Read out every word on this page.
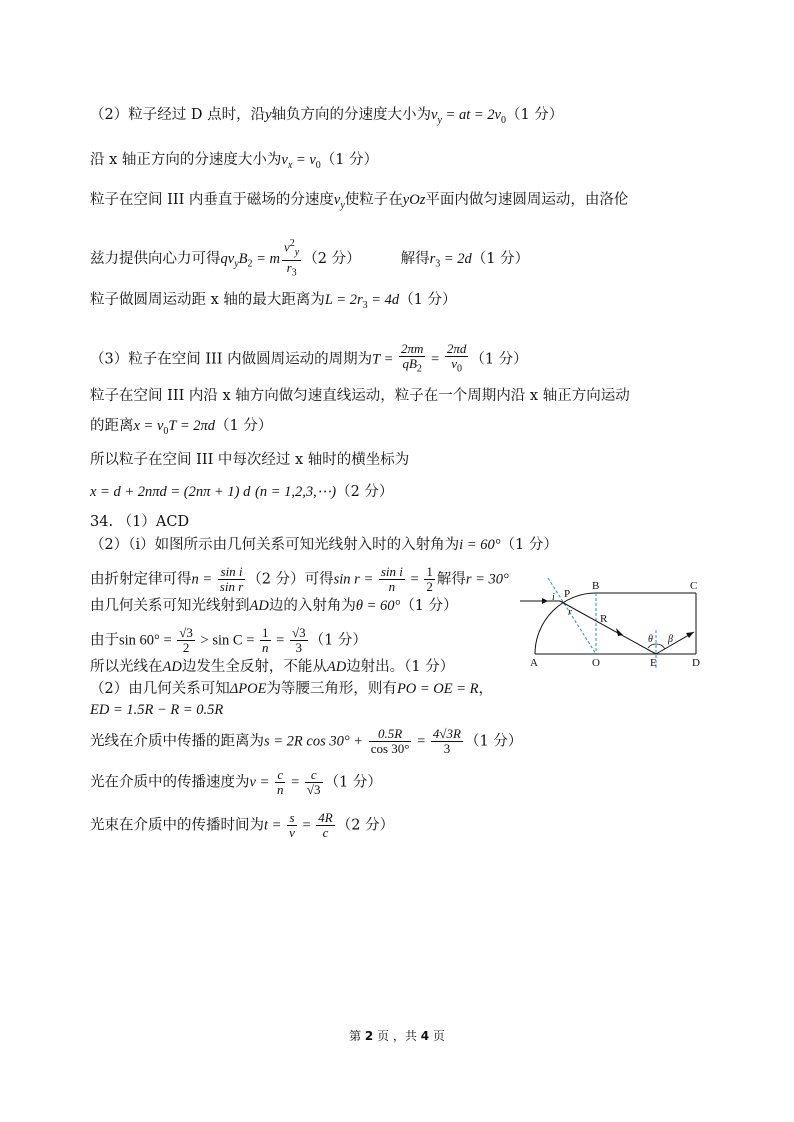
（2）粒子经过 D 点时，沿y轴负方向的分速度大小为$v_y$ = at = $2v_0(1$ 分）
沿 x 轴正方向的分速度大小为$v_x = v_0(1$ 分）
粒子在空间 III 内垂直于磁场的分速度$v_y$使粒子在yOz平面内做匀速圆周运动，由洛伦
兹力提供向心力可得$qv_yB_2 = m \frac{v^2_y}{r_3} (2$ 分）	解得$r_3 = 2d(1$ 分）
粒子做圆周运动距 x 轴的最大距离为$L = 2r_3 = 4d(1$ 分）
（3）粒子在空间 III 内做圆周运动的周期为$T = \frac{2\pi m}{qB_2} = \frac{2\pi d}{v_0} (1$ 分）
粒子在空间 III 内沿 x 轴方向做匀速直线运动，粒子在一个周期内沿 x 轴正方向运动
的距离$x = v_0T = 2\pi d(1$ 分）
所以粒子在空间 III 中每次经过 x 轴时的横坐标为
x = d + 2nπd = (2nπ + 1) d (n = 1,2,3,⋯)（2 分）
34. （1）ACD
（2）（i）如图所示由几何关系可知光线射入时的入射角为i = 60°（1 分）
由折射定律可得$n = \frac{\text{sin i}}{\text{sin r}} (2$ 分）可得$\sin r = \frac{\text{sin i}}{n} = \frac{1}{2}$ 解得r = 30°
由几何关系可知光线射到AD边的入射角为θ = 60°（1 分）
由于$\sin 60^\circ = \frac{√3}{2} > \sin C = \frac{1}{n} = \frac{√3}{3} (1$ 分）
所以光线在AD边发生全反射，不能从AD边射出。（1 分）
（2）由几何关系可知ΔPOE为等腰三角形，则有PO = OE = R，
ED = 1.5R − R = 0.5R
光线在介质中传播的距离为s = 2R $\cos 30^\circ + \frac{0.5R}{\cos 30^\circ} = \frac{4√3R}{3} (1$ 分）
光在介质中的传播速度为$v = \frac{c}{n} = \frac{c}{√3} (1$ 分）
光束在介质中的传播时间为$t = \frac{s}{v} = \frac{4R}{c} (2$ 分）
A
B	C
D
O	E
P
R
i
r
θ β
第 2 页 ，共 4 页
